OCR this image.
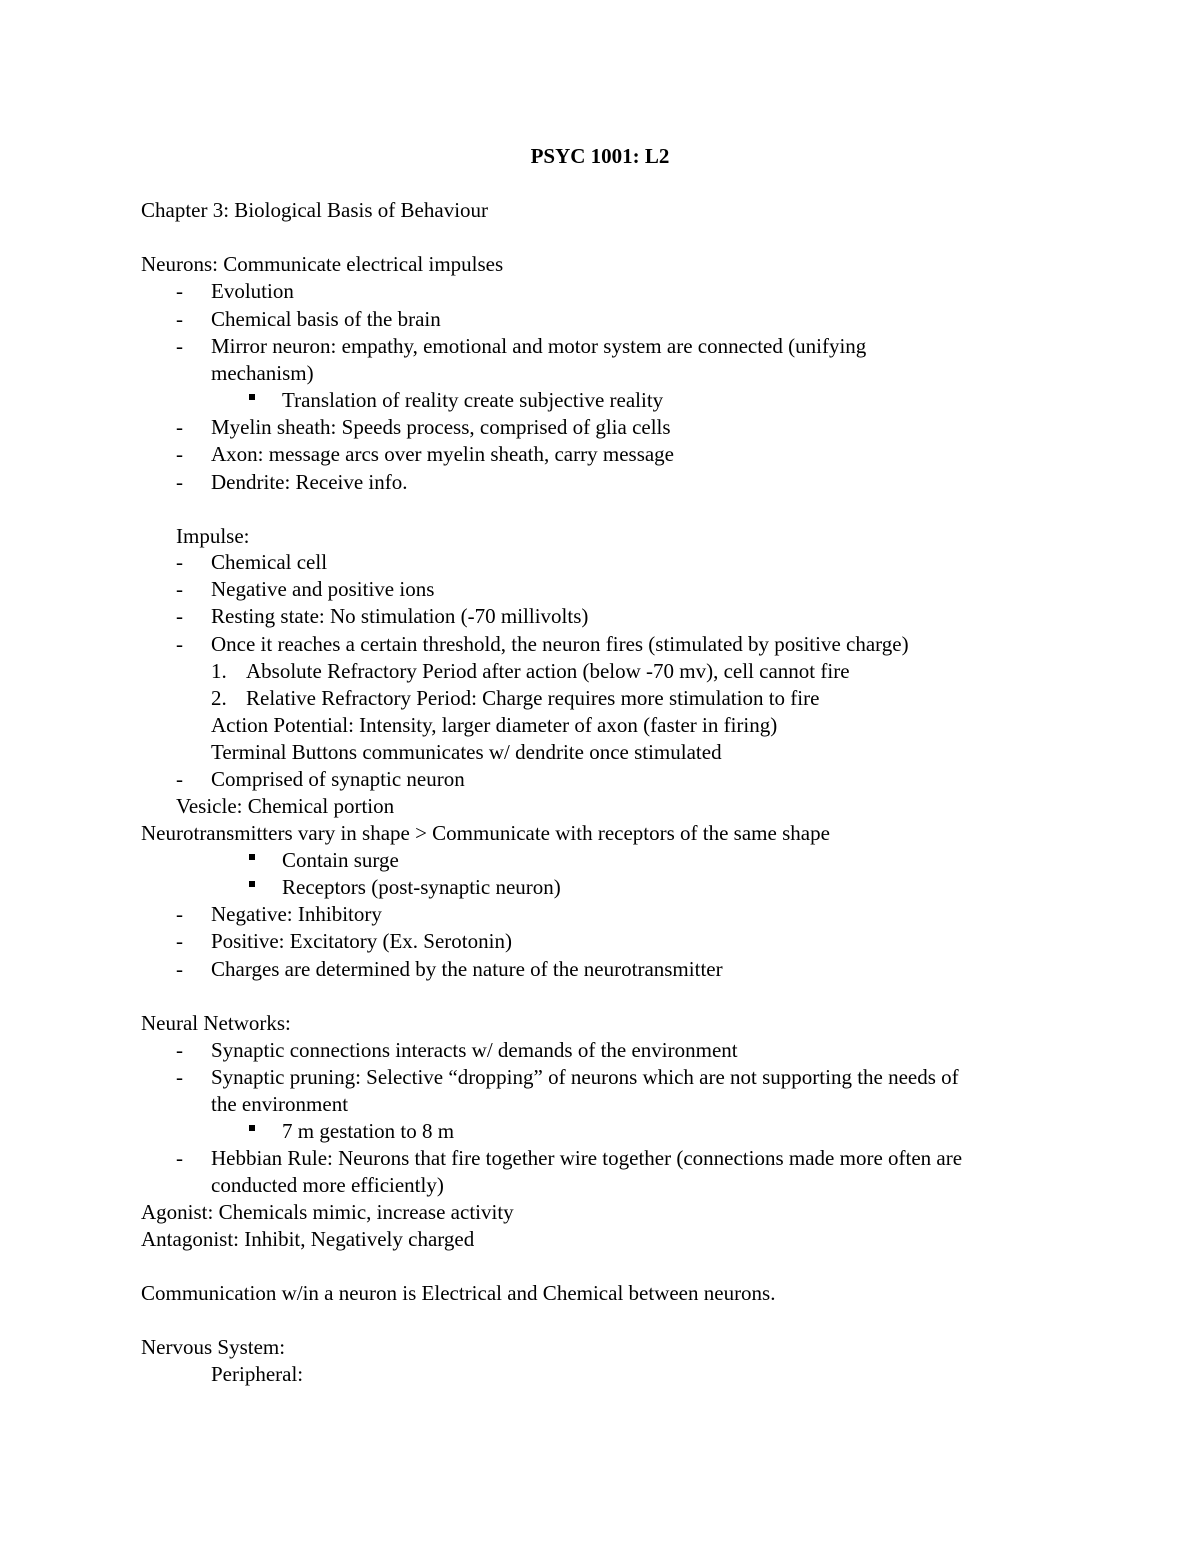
PSYC 1001: L2
Chapter 3: Biological Basis of Behaviour
Neurons: Communicate electrical impulses
- Evolution
- Chemical basis of the brain
- Mirror neuron: empathy, emotional and motor system are connected (unifying
mechanism)
Translation of reality create subjective reality
- Myelin sheath: Speeds process, comprised of glia cells
- Axon: message arcs over myelin sheath, carry message
- Dendrite: Receive info.
Impulse:
- Chemical cell
- Negative and positive ions
- Resting state: No stimulation (-70 millivolts)
- Once it reaches a certain threshold, the neuron fires (stimulated by positive charge)
1. Absolute Refractory Period after action (below -70 mv), cell cannot fire
2. Relative Refractory Period: Charge requires more stimulation to fire
Action Potential: Intensity, larger diameter of axon (faster in firing)
Terminal Buttons communicates w/ dendrite once stimulated
- Comprised of synaptic neuron
Vesicle: Chemical portion
Neurotransmitters vary in shape > Communicate with receptors of the same shape
Contain surge
Receptors (post-synaptic neuron)
- Negative: Inhibitory
- Positive: Excitatory (Ex. Serotonin)
- Charges are determined by the nature of the neurotransmitter
Neural Networks:
- Synaptic connections interacts w/ demands of the environment
- Synaptic pruning: Selective “dropping” of neurons which are not supporting the needs of
the environment
7 m gestation to 8 m
- Hebbian Rule: Neurons that fire together wire together (connections made more often are
conducted more efficiently)
Agonist: Chemicals mimic, increase activity
Antagonist: Inhibit, Negatively charged
Communication w/in a neuron is Electrical and Chemical between neurons.
Nervous System:
Peripheral:
